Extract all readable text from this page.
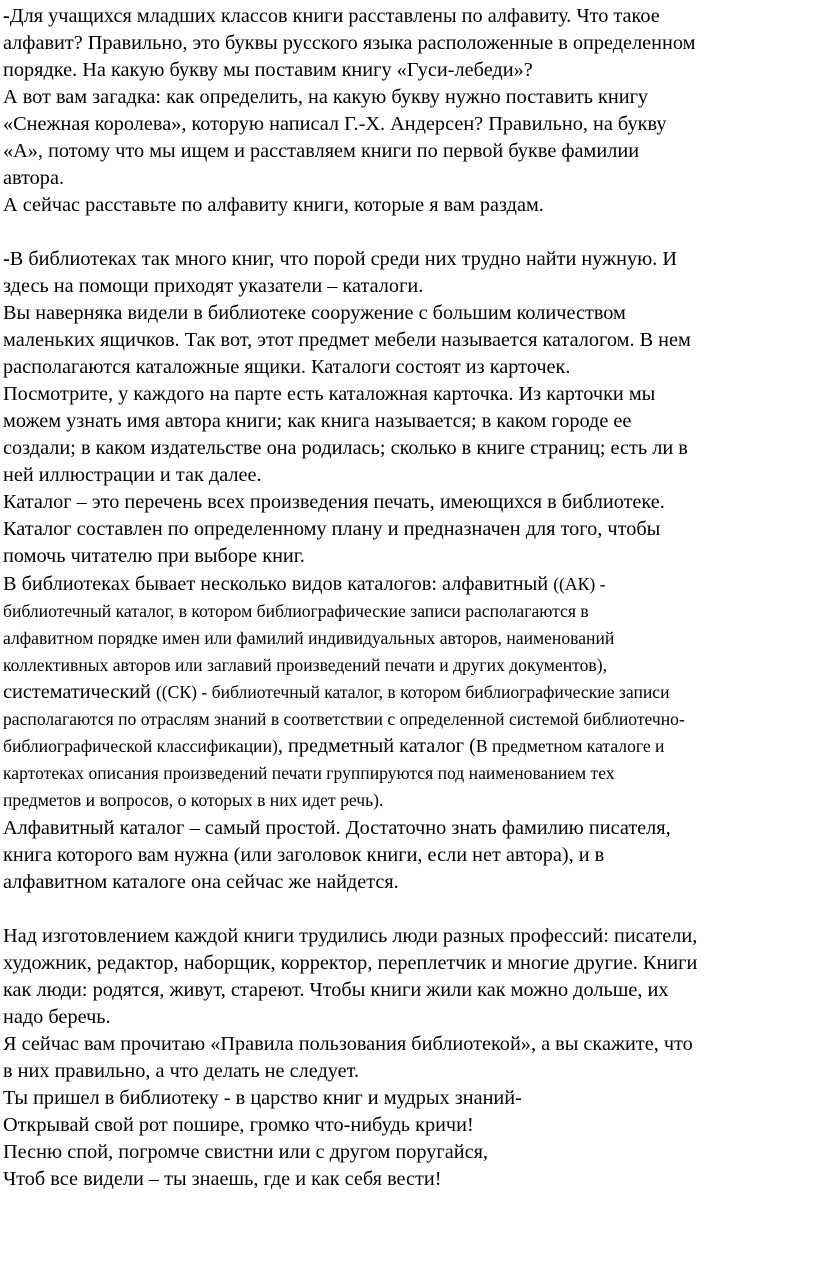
-Для учащихся младших классов книги расставлены по алфавиту. Что такое
алфавит? Правильно, это буквы русского языка расположенные в определенном
порядке. На какую букву мы поставим книгу «Гуси-лебеди»?
А вот вам загадка: как определить, на какую букву нужно поставить книгу
«Снежная королева», которую написал Г.-Х. Андерсен? Правильно, на букву
«А», потому что мы ищем и расставляем книги по первой букве фамилии
автора.
А сейчас расставьте по алфавиту книги, которые я вам раздам.
-В библиотеках так много книг, что порой среди них трудно найти нужную. И
здесь на помощи приходят указатели – каталоги.
Вы наверняка видели в библиотеке сооружение с большим количеством
маленьких ящичков. Так вот, этот предмет мебели называется каталогом. В нем
располагаются каталожные ящики. Каталоги состоят из карточек.
Посмотрите, у каждого на парте есть каталожная карточка. Из карточки мы
можем узнать имя автора книги; как книга называется; в каком городе ее
создали; в каком издательстве она родилась; сколько в книге страниц; есть ли в
ней иллюстрации и так далее.
Каталог – это перечень всех произведения печать, имеющихся в библиотеке.
Каталог составлен по определенному плану и предназначен для того, чтобы
помочь читателю при выборе книг.
В библиотеках бывает несколько видов каталогов: алфавитный ((АК) -
библиотечный каталог, в котором библиографические записи располагаются в
алфавитном порядке имен или фамилий индивидуальных авторов, наименований
коллективных авторов или заглавий произведений печати и других документов),
систематический ((СК) - библиотечный каталог, в котором библиографические записи
располагаются по отраслям знаний в соответствии с определенной системой библиотечно-
библиографической классификации), предметный каталог (В предметном каталоге и
картотеках описания произведений печати группируются под наименованием тех
предметов и вопросов, о которых в них идет речь).
Алфавитный каталог – самый простой. Достаточно знать фамилию писателя,
книга которого вам нужна (или заголовок книги, если нет автора), и в
алфавитном каталоге она сейчас же найдется.
Над изготовлением каждой книги трудились люди разных профессий: писатели,
художник, редактор, наборщик, корректор, переплетчик и многие другие. Книги
как люди: родятся, живут, стареют. Чтобы книги жили как можно дольше, их
надо беречь.
Я сейчас вам прочитаю «Правила пользования библиотекой», а вы скажите, что
в них правильно, а что делать не следует.
Ты пришел в библиотеку - в царство книг и мудрых знаний-
Открывай свой рот пошире, громко что-нибудь кричи!
Песню спой, погромче свистни или с другом поругайся,
Чтоб все видели – ты знаешь, где и как себя вести!
